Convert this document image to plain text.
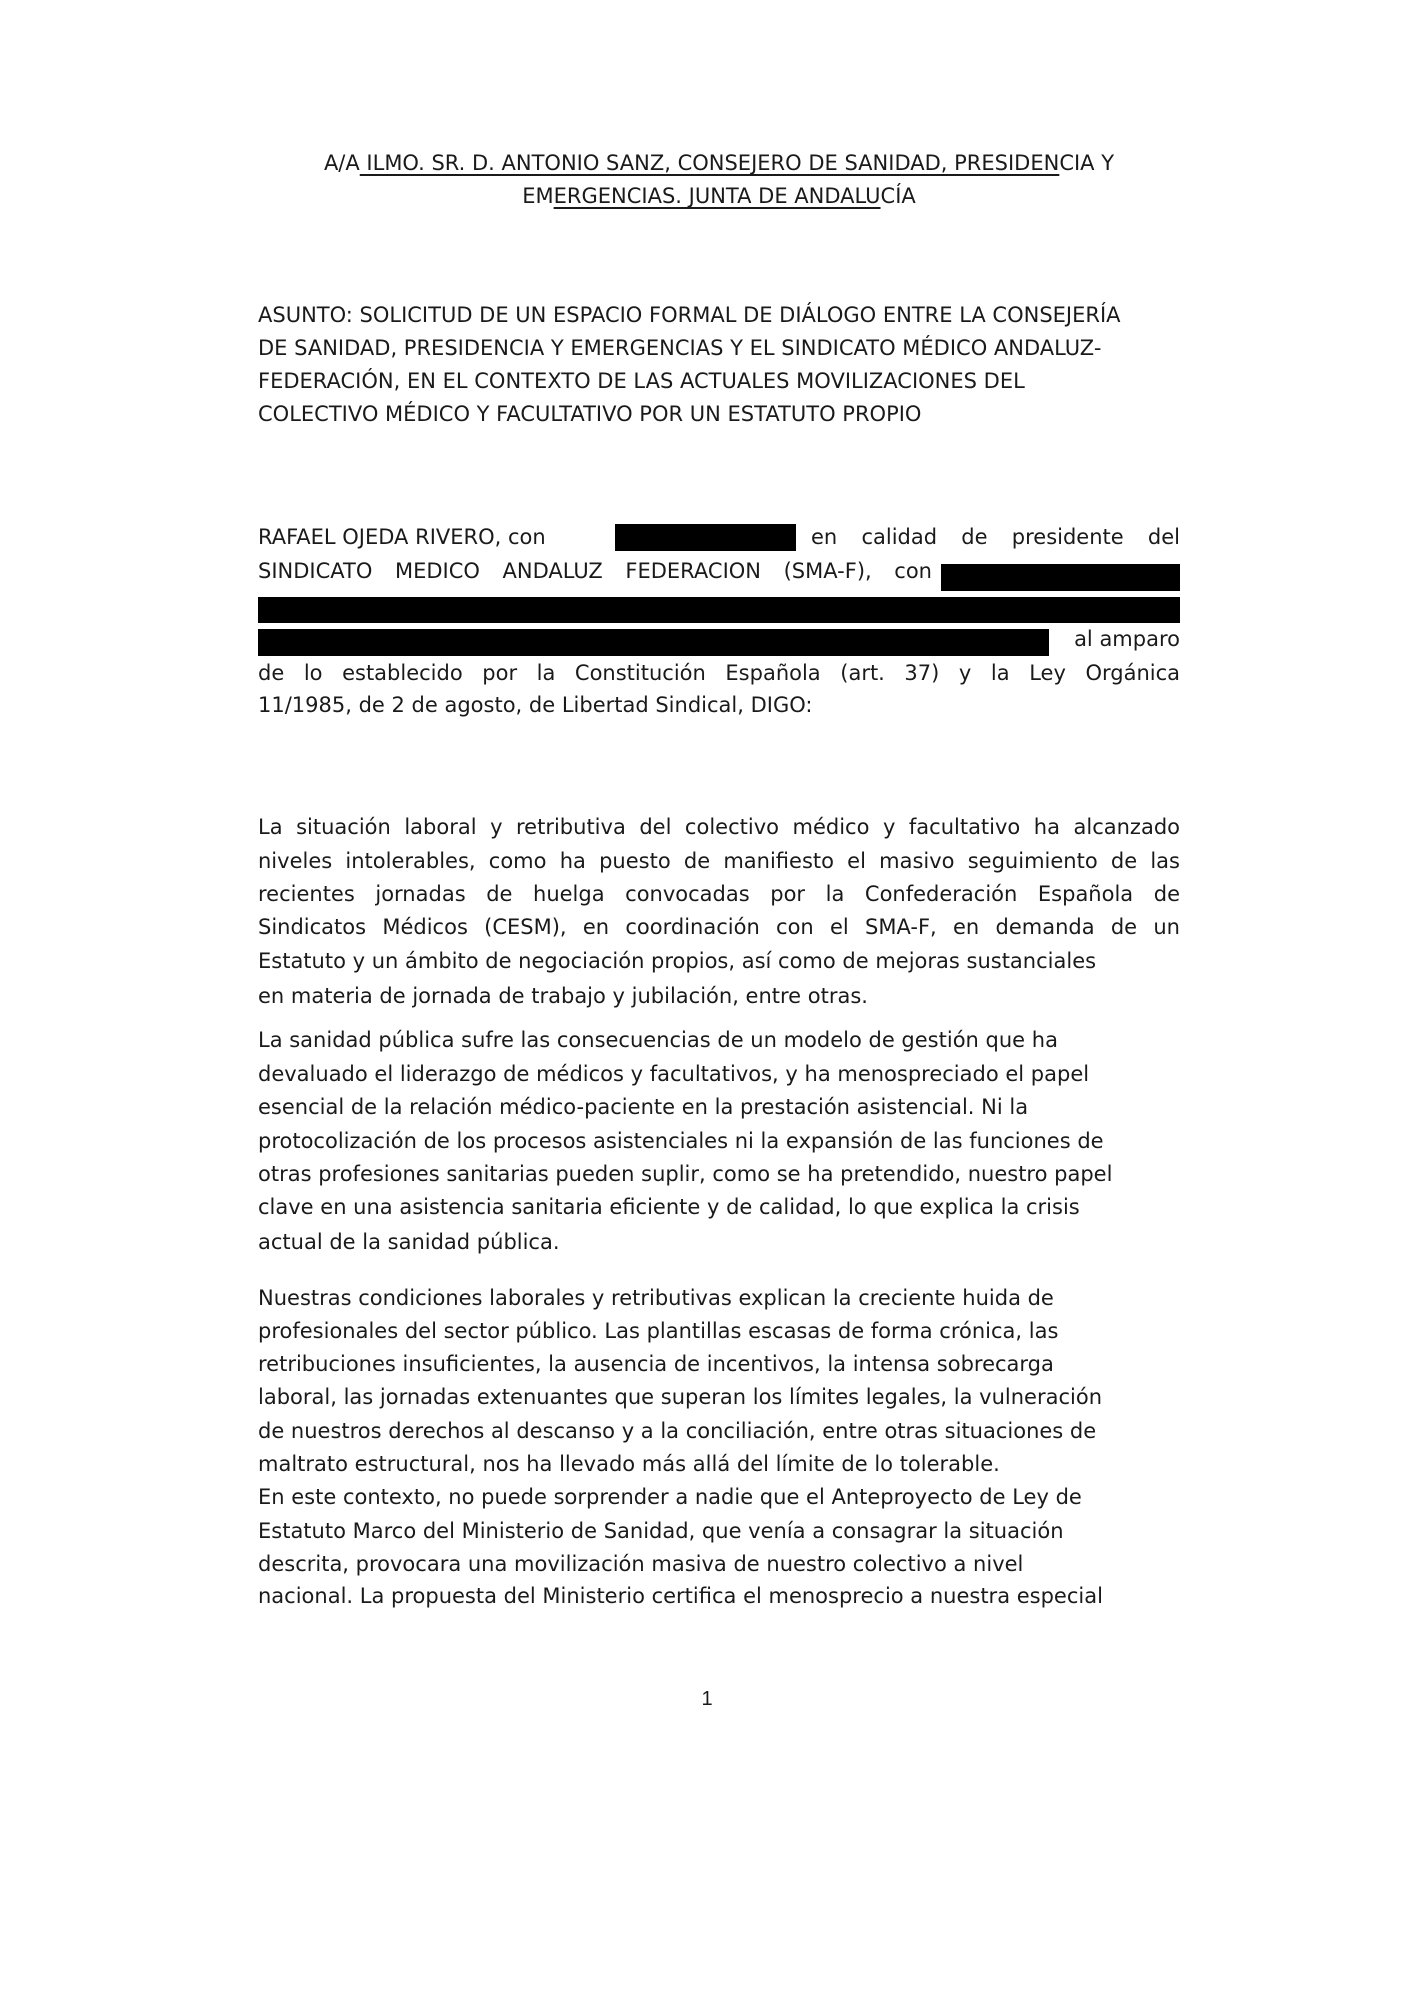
A/A ILMO. SR. D. ANTONIO SANZ, CONSEJERO DE SANIDAD, PRESIDENCIA Y
EMERGENCIAS. JUNTA DE ANDALUCÍA
ASUNTO: SOLICITUD DE UN ESPACIO FORMAL DE DIÁLOGO ENTRE LA CONSEJERÍA
DE SANIDAD, PRESIDENCIA Y EMERGENCIAS Y EL SINDICATO MÉDICO ANDALUZ-
FEDERACIÓN, EN EL CONTEXTO DE LAS ACTUALES MOVILIZACIONES DEL
COLECTIVO MÉDICO Y FACULTATIVO POR UN ESTATUTO PROPIO
RAFAEL OJEDA RIVERO, con	en calidad de presidente del
SINDICATO MEDICO ANDALUZ FEDERACION (SMA-F), con
al amparo
de lo establecido por la Constitución Española (art. 37) y la Ley Orgánica
11/1985, de 2 de agosto, de Libertad Sindical, DIGO:
La situación laboral y retributiva del colectivo médico y facultativo ha alcanzado
niveles intolerables, como ha puesto de manifiesto el masivo seguimiento de las
recientes jornadas de huelga convocadas por la Confederación Española de
Sindicatos Médicos (CESM), en coordinación con el SMA-F, en demanda de un
Estatuto y un ámbito de negociación propios, así como de mejoras sustanciales
en materia de jornada de trabajo y jubilación, entre otras.
La sanidad pública sufre las consecuencias de un modelo de gestión que ha
devaluado el liderazgo de médicos y facultativos, y ha menospreciado el papel
esencial de la relación médico-paciente en la prestación asistencial. Ni la
protocolización de los procesos asistenciales ni la expansión de las funciones de
otras profesiones sanitarias pueden suplir, como se ha pretendido, nuestro papel
clave en una asistencia sanitaria eficiente y de calidad, lo que explica la crisis
actual de la sanidad pública.
Nuestras condiciones laborales y retributivas explican la creciente huida de
profesionales del sector público. Las plantillas escasas de forma crónica, las
retribuciones insuficientes, la ausencia de incentivos, la intensa sobrecarga
laboral, las jornadas extenuantes que superan los límites legales, la vulneración
de nuestros derechos al descanso y a la conciliación, entre otras situaciones de
maltrato estructural, nos ha llevado más allá del límite de lo tolerable.
En este contexto, no puede sorprender a nadie que el Anteproyecto de Ley de
Estatuto Marco del Ministerio de Sanidad, que venía a consagrar la situación
descrita, provocara una movilización masiva de nuestro colectivo a nivel
nacional. La propuesta del Ministerio certifica el menosprecio a nuestra especial
1
